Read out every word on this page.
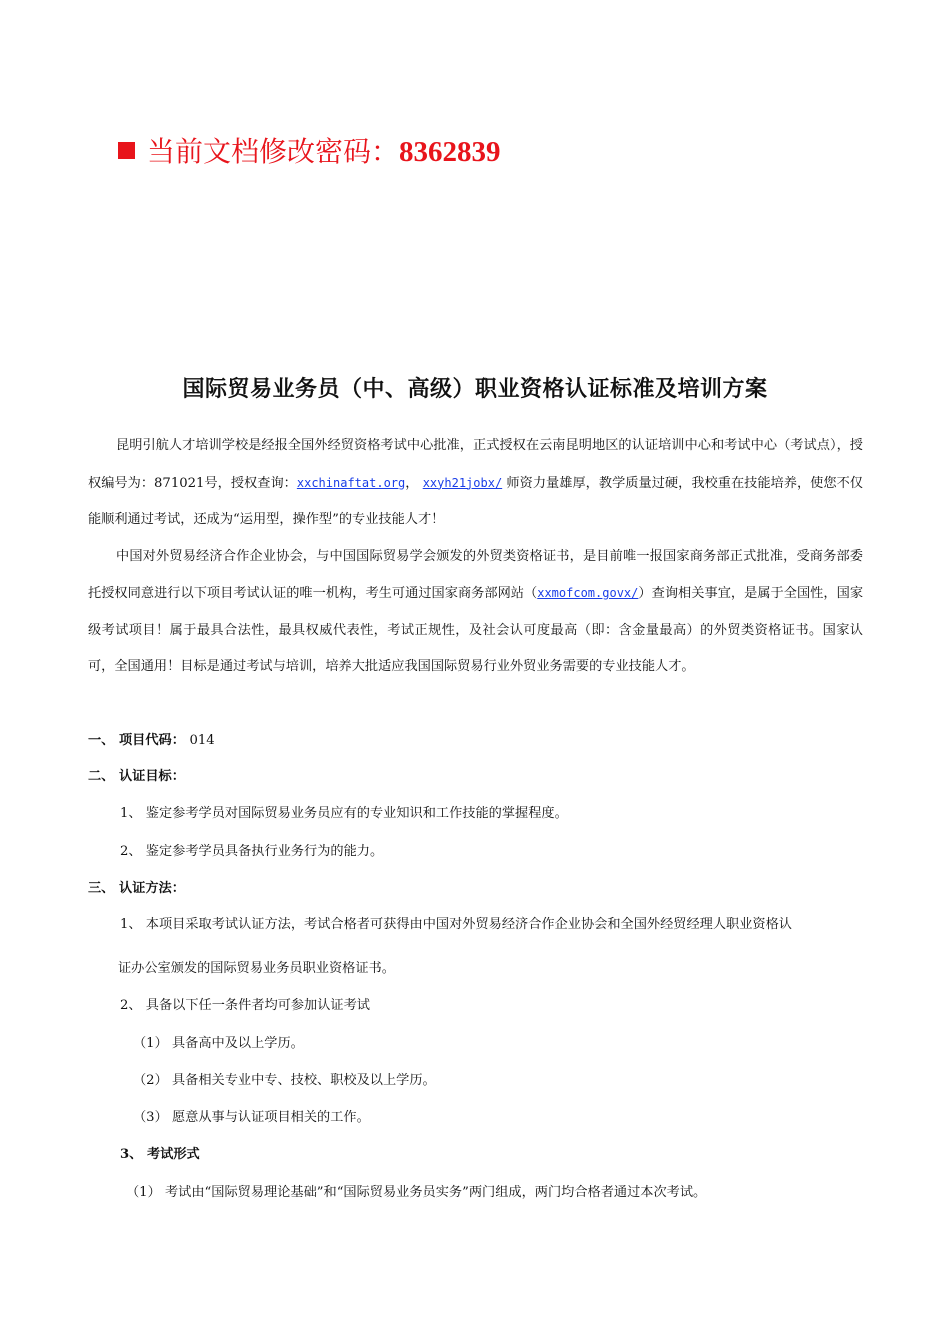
当前文档修改密码：8362839
国际贸易业务员（中、高级）职业资格认证标准及培训方案

昆明引航人才培训学校是经报全国外经贸资格考试中心批准，正式授权在云南昆明地区的认证培训中心和考试中心（考试点），授权编号为：871021号，授权查询：xxchinaftat.org， xxyh21jobx/ 师资力量雄厚，教学质量过硬，我校重在技能培养，使您不仅能顺利通过考试，还成为“运用型，操作型”的专业技能人才！

中国对外贸易经济合作企业协会，与中国国际贸易学会颁发的外贸类资格证书，是目前唯一报国家商务部正式批准，受商务部委托授权同意进行以下项目考试认证的唯一机构，考生可通过国家商务部网站（xxmofcom.govx/）查询相关事宜，是属于全国性，国家级考试项目！属于最具合法性，最具权威代表性，考试正规性，及社会认可度最高（即：含金量最高）的外贸类资格证书。国家认可，全国通用！目标是通过考试与培训，培养大批适应我国国际贸易行业外贸业务需要的专业技能人才。

一、 项目代码： 014
二、 认证目标：
1、 鉴定参考学员对国际贸易业务员应有的专业知识和工作技能的掌握程度。
2、 鉴定参考学员具备执行业务行为的能力。
三、 认证方法：
1、 本项目采取考试认证方法，考试合格者可获得由中国对外贸易经济合作企业协会和全国外经贸经理人职业资格认
证办公室颁发的国际贸易业务员职业资格证书。
2、 具备以下任一条件者均可参加认证考试
（1） 具备高中及以上学历。
（2） 具备相关专业中专、技校、职校及以上学历。
（3） 愿意从事与认证项目相关的工作。
3、 考试形式
（1） 考试由“国际贸易理论基础”和“国际贸易业务员实务”两门组成，两门均合格者通过本次考试。
